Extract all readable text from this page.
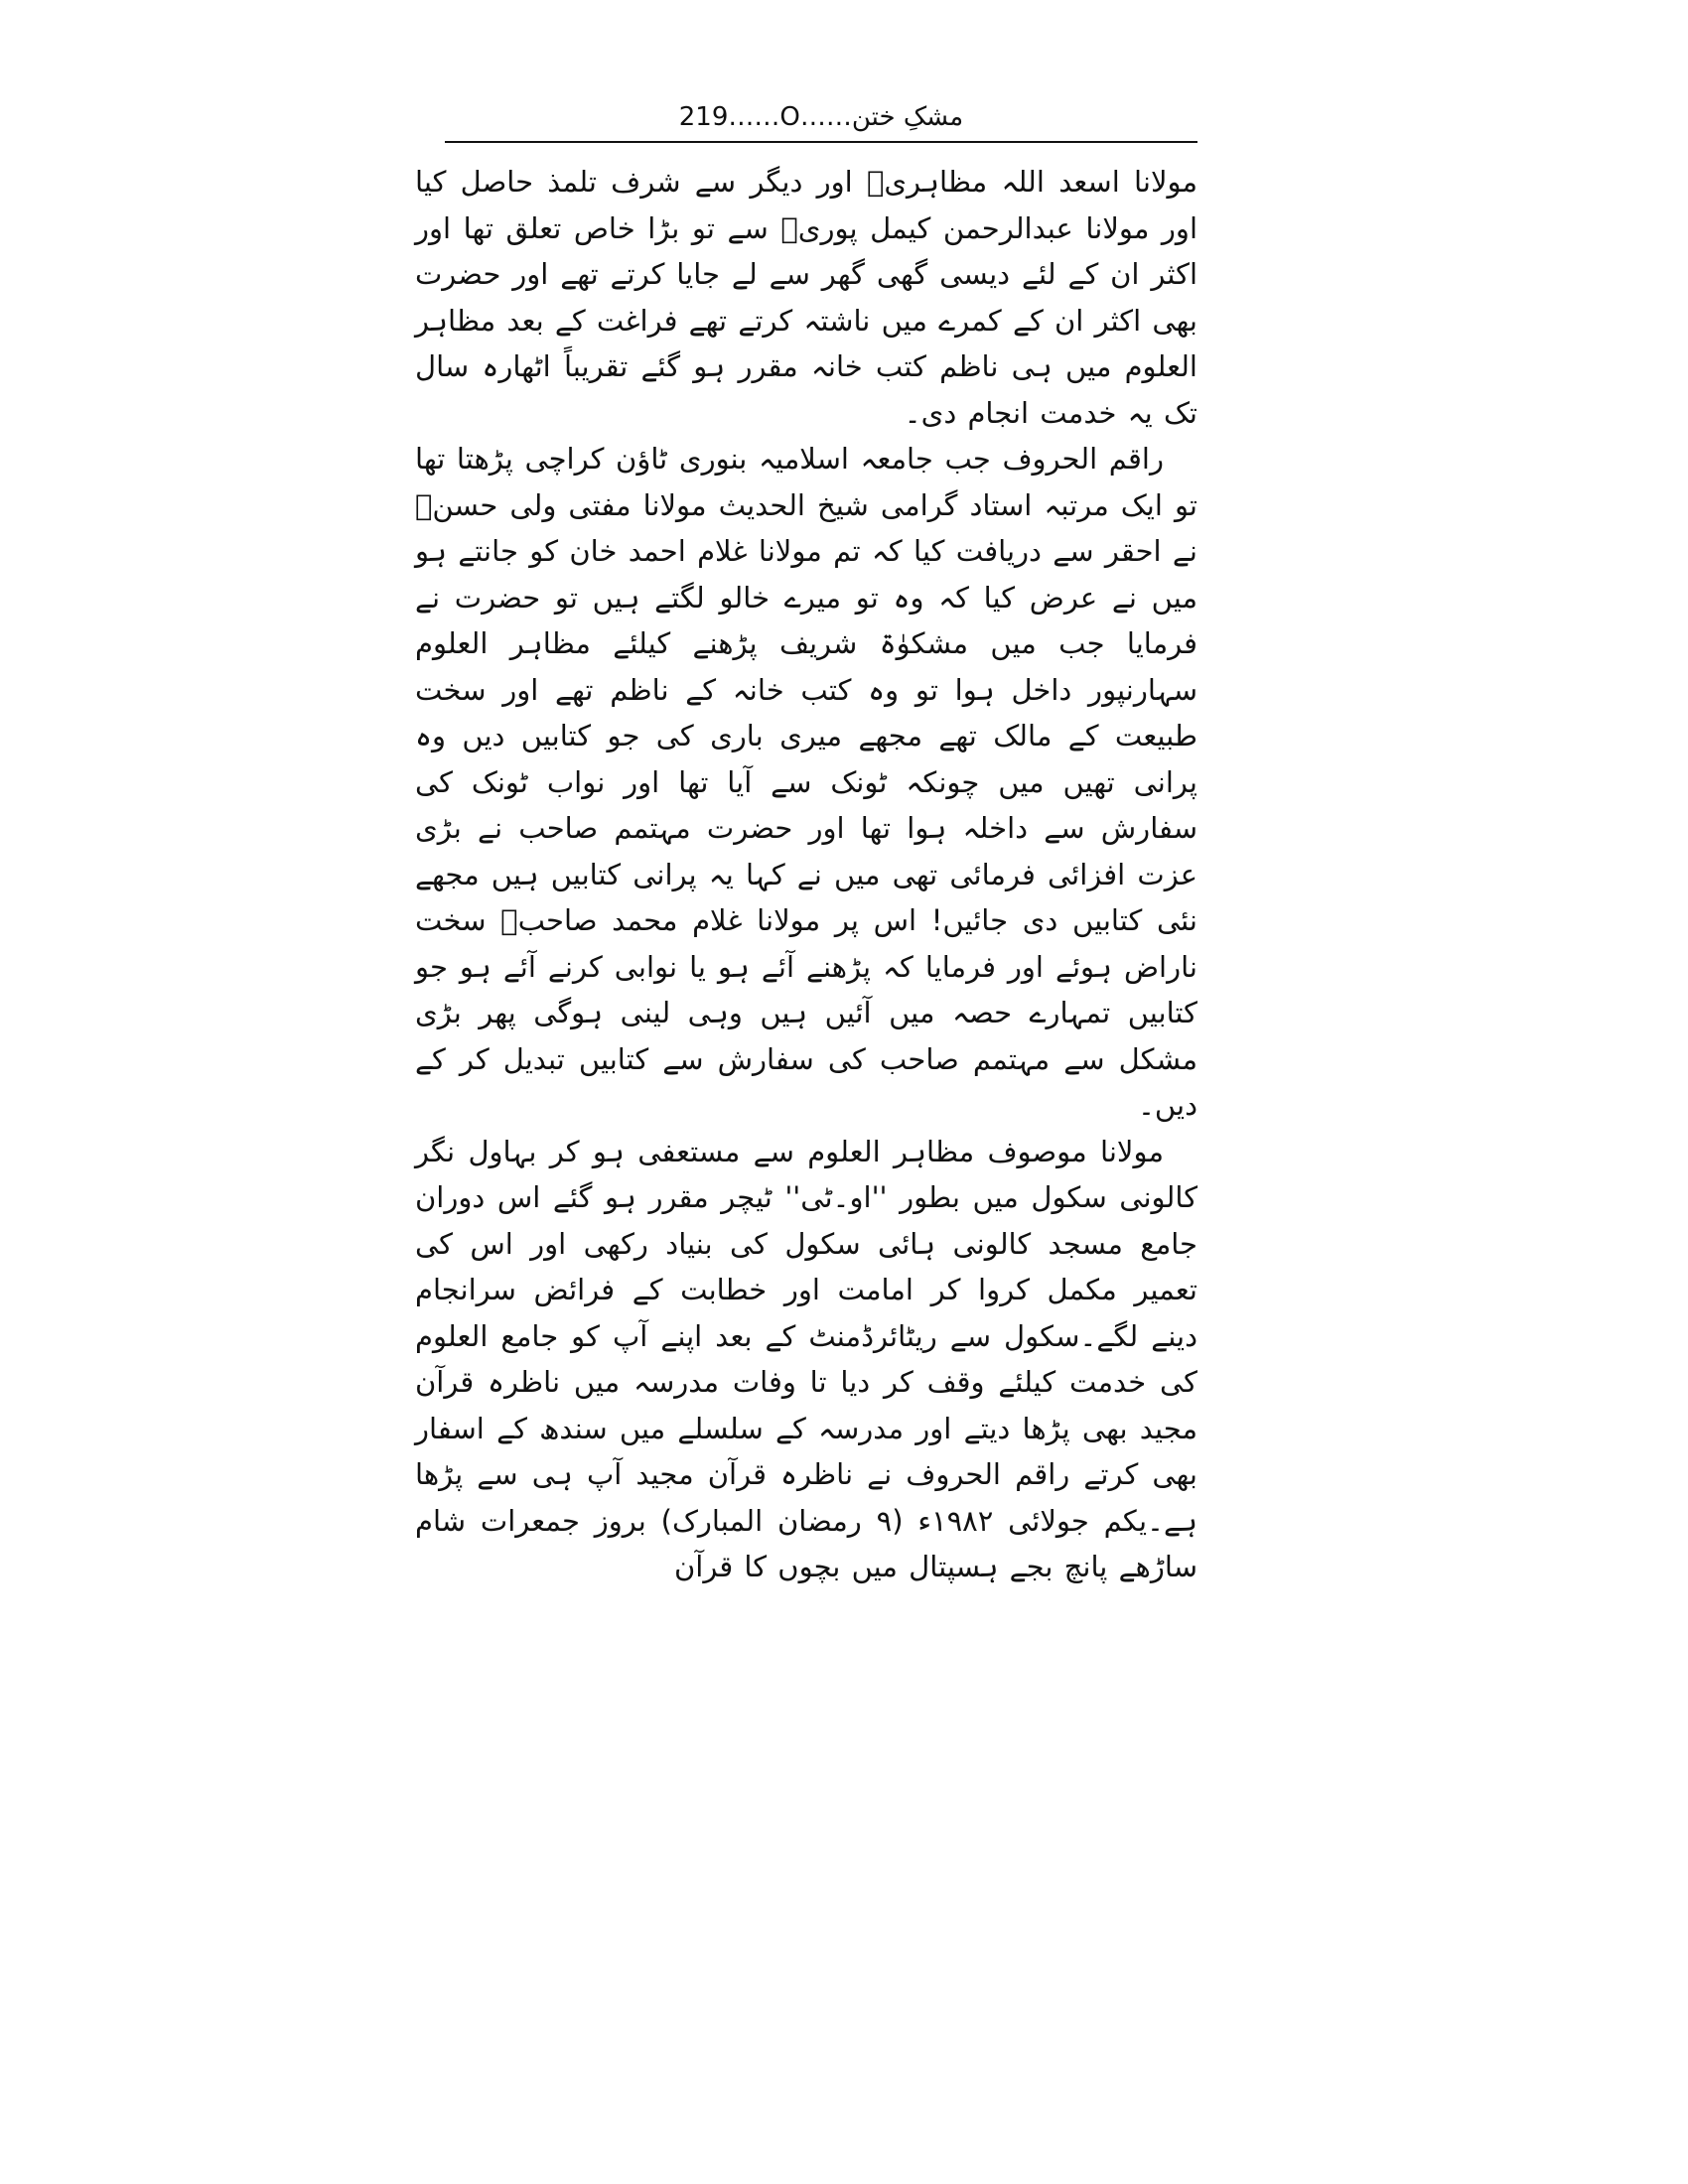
219……O……مشکِ ختن

مولانا اسعد اللہ مظاہریؒ اور دیگر سے شرف تلمذ حاصل کیا اور مولانا عبدالرحمن کیمل پوریؒ سے تو بڑا خاص تعلق تھا اور اکثر ان کے لئے دیسی گھی گھر سے لے جایا کرتے تھے اور حضرت بھی اکثر ان کے کمرے میں ناشتہ کرتے تھے فراغت کے بعد مظاہر العلوم میں ہی ناظم کتب خانہ مقرر ہو گئے تقریباً اٹھارہ سال تک یہ خدمت انجام دی۔

راقم الحروف جب جامعہ اسلامیہ بنوری ٹاؤن کراچی پڑھتا تھا تو ایک مرتبہ استاد گرامی شیخ الحدیث مولانا مفتی ولی حسنؒ نے احقر سے دریافت کیا کہ تم مولانا غلام احمد خان کو جانتے ہو میں نے عرض کیا کہ وہ تو میرے خالو لگتے ہیں تو حضرت نے فرمایا جب میں مشکوٰۃ شریف پڑھنے کیلئے مظاہر العلوم سہارنپور داخل ہوا تو وہ کتب خانہ کے ناظم تھے اور سخت طبیعت کے مالک تھے مجھے میری باری کی جو کتابیں دیں وہ پرانی تھیں میں چونکہ ٹونک سے آیا تھا اور نواب ٹونک کی سفارش سے داخلہ ہوا تھا اور حضرت مہتمم صاحب نے بڑی عزت افزائی فرمائی تھی میں نے کہا یہ پرانی کتابیں ہیں مجھے نئی کتابیں دی جائیں! اس پر مولانا غلام محمد صاحبؒ سخت ناراض ہوئے اور فرمایا کہ پڑھنے آئے ہو یا نوابی کرنے آئے ہو جو کتابیں تمہارے حصہ میں آئیں ہیں وہی لینی ہوگی پھر بڑی مشکل سے مہتمم صاحب کی سفارش سے کتابیں تبدیل کر کے دیں۔

مولانا موصوف مظاہر العلوم سے مستعفی ہو کر بہاول نگر کالونی سکول میں بطور ''او۔ٹی'' ٹیچر مقرر ہو گئے اس دوران جامع مسجد کالونی ہائی سکول کی بنیاد رکھی اور اس کی تعمیر مکمل کروا کر امامت اور خطابت کے فرائض سرانجام دینے لگے۔سکول سے ریٹائرڈمنٹ کے بعد اپنے آپ کو جامع العلوم کی خدمت کیلئے وقف کر دیا تا وفات مدرسہ میں ناظرہ قرآن مجید بھی پڑھا دیتے اور مدرسہ کے سلسلے میں سندھ کے اسفار بھی کرتے راقم الحروف نے ناظرہ قرآن مجید آپ ہی سے پڑھا ہے۔یکم جولائی ۱۹۸۲ء (۹ رمضان المبارک) بروز جمعرات شام ساڑھے پانچ بجے ہسپتال میں بچوں کا قرآن
